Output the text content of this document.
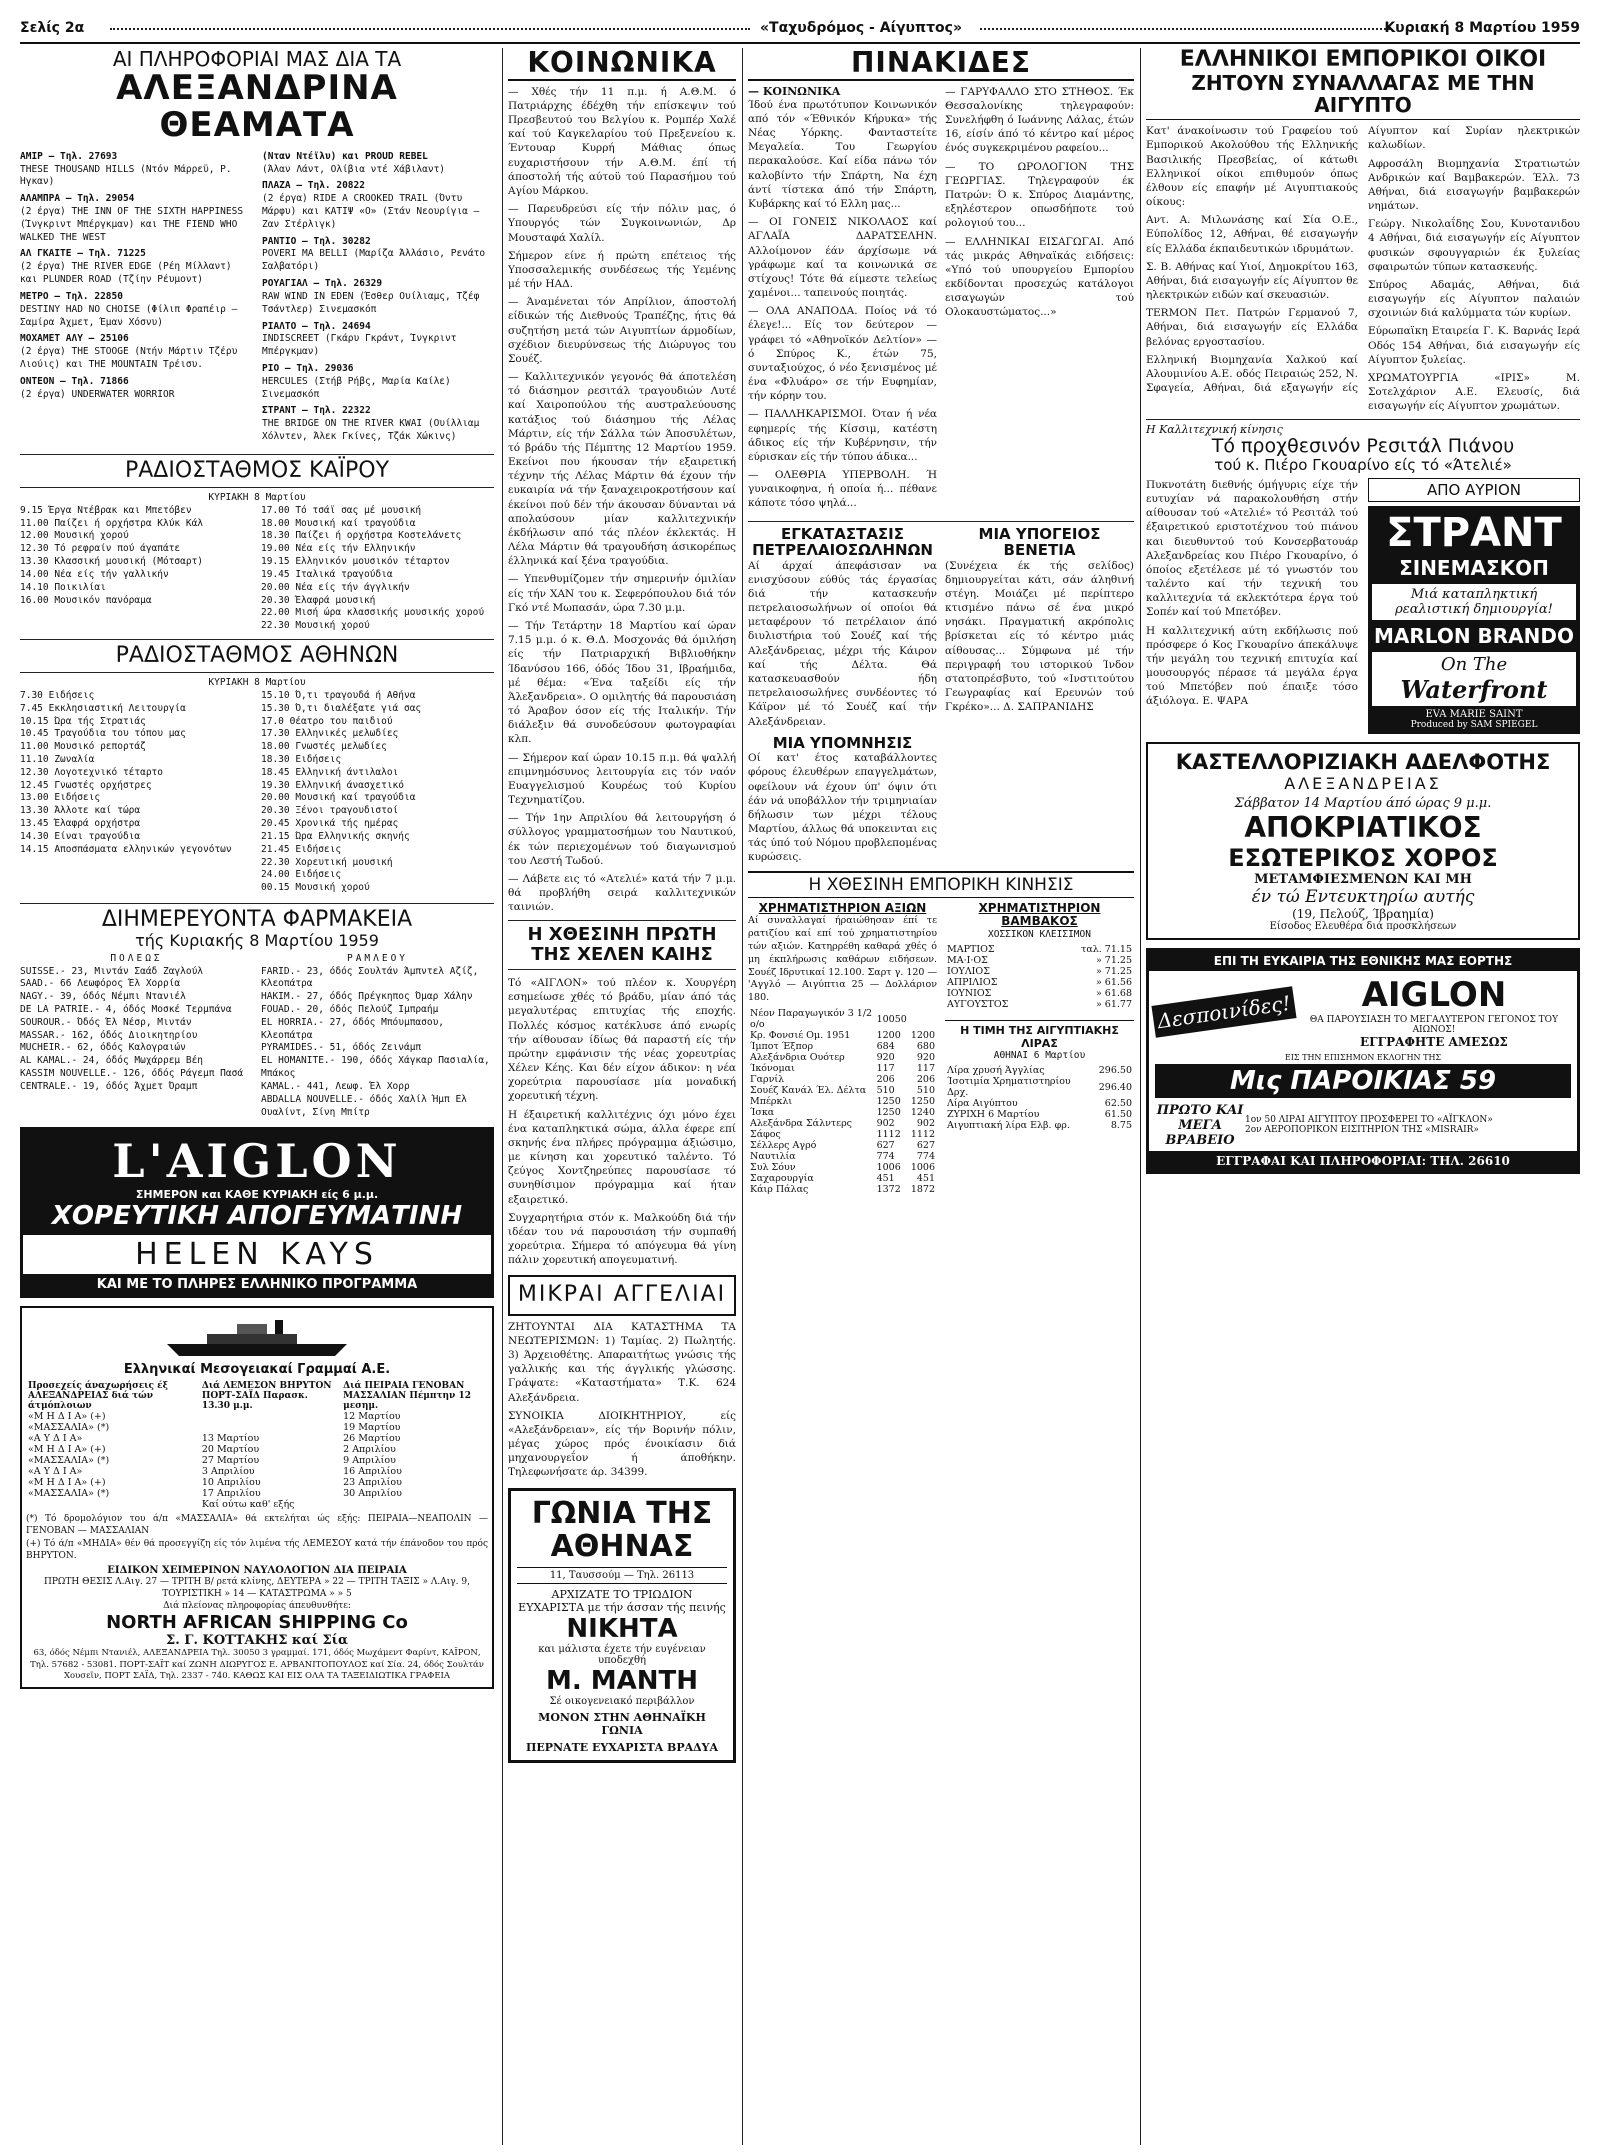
Σελίς 2α	«Ταχυδρόμος - Αίγυπτος»	Κυριακή 8 Μαρτίου 1959
ΑΙ ΠΛΗΡΟΦΟΡΙΑΙ ΜΑΣ ΔΙΑ ΤΑ
ΑΛΕΞΑΝΔΡΙΝΑ ΘΕΑΜΑΤΑ
ΑΜΙΡ — Τηλ. 27693
THESE THOUSAND HILLS (Ντόν Μάρρεϋ, Ρ. Ήγκαν)
ΑΛΑΜΠΡΑ — Τηλ. 29054
(2 έργα) THE INN OF THE SIXTH HAPPINESS (Ίνγκριντ Μπέργκμαν) και THE FIEND WHO WALKED THE WEST
ΑΛ ΓΚΑΙΤΕ — Τηλ. 71225
(2 έργα) THE RIVER EDGE (Ρέη Μίλλαντ) και PLUNDER ROAD (Τζίην Ρέυμοντ)
ΜΕΤΡΟ — Τηλ. 22850
DESTINY HAD NO CHOISE (Φίλιπ Φραπέιρ — Σαμίρα Άχμετ, Έμαν Χόσνυ)
ΜΟΧΑΜΕΤ ΑΛΥ — 25106
(2 έργα) THE STOOGE (Ντήν Μάρτιν Τζέρυ Λιούις) και THE MOUNTAIN Τρέισυ.
ΟΝΤΕΟΝ — Τηλ. 71866
(2 έργα) UNDERWATER WORRIOR
(Νταν Ντέϊλυ) και PROUD REBEL
(Άλαν Λάντ, Ολίβια ντέ Χάβιλαντ)
ΠΛΑΖΑ — Τηλ. 20822
(2 έργα) RIDE A CROOKED TRAIL (Όντυ Μάρφυ) και ΚΑΤΙΨ «Ο» (Στάν Νεουρίγια — Ζαν Στέρλιγκ)
ΡΑΝΤΙΟ — Τηλ. 30282
POVERI MA BELLI (Μαρίζα Άλλάσιο, Ρενάτο Σαλβατόρι)
ΡΟΥΑΓΙΑΛ — Τηλ. 26329
RAW WIND IN EDEN (Έσθερ Ουίλιαμς, Τζέφ Τσάντλερ) Σινεμασκόπ
ΡΙΑΛΤΟ — Τηλ. 24694
INDISCREET (Γκάρυ Γκράντ, Ίνγκριντ Μπέργκμαν)
ΡΙΟ — Τηλ. 29036
HERCULES (Στήβ Ρήβς, Μαρία Καίλε) Σινεμασκόπ
ΣΤΡΑΝΤ — Τηλ. 22322
THE BRIDGE ON THE RIVER KWAI (Ουίλλιαμ Χόλντεν, Άλεκ Γκίνες, Τζάκ Χώκινς)
ΡΑΔΙΟΣΤΑΘΜΟΣ ΚΑΪΡΟΥ
ΚΥΡΙΑΚΗ 8 Μαρτίου
9.15 Έργα Ντέβρακ και Μπετόβεν
11.00 Παίζει ή ορχήστρα Κλύκ Κάλ
12.00 Μουσική χορού
12.30 Τό ρεφραίν πού άγαπάτε
13.30 Κλασσική μουσική (Μότσαρτ)
14.00 Νέα είς τήν γαλλικήν
14.10 Ποικιλίαι
16.00 Μουσικόν πανόραμα
17.00 Tό τσάϊ σας μέ μουσική
18.00 Μουσική καί τραγούδια
18.30 Παίζει ή ορχήστρα Κοστελάνετς
19.00 Νέα είς τήν Ελληνικήν
19.15 Ελληνικόν μουσικόν τέταρτον
19.45 Ιταλικά τραγούδια
20.00 Νέα είς τήν άγγλικήν
20.30 Έλαφρά μουσική
22.00 Μισή ώρα κλασσικής μουσικής χορού
22.30 Μουσική χορού
ΡΑΔΙΟΣΤΑΘΜΟΣ ΑΘΗΝΩΝ
ΚΥΡΙΑΚΗ 8 Μαρτίου
7.30 Ειδήσεις
7.45 Εκκλησιαστική Λειτουργία
10.15 Ώρα τής Στρατιάς
10.45 Τραγούδια του τόπου μας
11.00 Μουσικό ρεπορτάζ
11.10 Ζωναλία
12.30 Λογοτεχνικό τέταρτο
12.45 Γνωστές ορχήστρες
13.00 Ειδήσεις
13.30 Άλλοτε καί τώρα
13.45 Έλαφρά ορχήστρα
14.30 Είναι τραγούδια
14.15 Αποσπάσματα ελληνικών γεγονότων
15.10 Ό,τι τραγουδά ή Αθήνα
15.30 Ό,τι διαλέξατε γιά σας
17.0 Θέατρο του παιδιού
17.30 Ελληνικές μελωδίες
18.00 Γνωστές μελωδίες
18.30 Ειδήσεις
18.45 Ελληνική άντιλαλοι
19.30 Ελληνική άνασχετικό
20.00 Μουσική καί τραγούδια
20.30 Ξένοι τραγουδιστοί
20.45 Χρονικά τής ημέρας
21.15 Ώρα Ελληνικής σκηνής
21.45 Ειδήσεις
22.30 Χορευτική μουσική
24.00 Ειδήσεις
00.15 Μουσική χορού
ΔΙΗΜΕΡΕΥΟΝΤΑ ΦΑΡΜΑΚΕΙΑ
τής Κυριακής 8 Μαρτίου 1959
ΠΟΛΕΩΣ
SUISSE.- 23, Μιντάν Σαάδ Ζαγλούλ
SAAD.- 66 Λεωφόρος Έλ Χορρία
NAGY.- 39, όδός Νέμπι Ντανιέλ
DE LA PATRIE.- 4, όδός Μοσκέ Τερμπάνα
SOUROUR.- Όδός Έλ Νέσρ, Μιντάν
MASSAR.- 162, όδός Διοικητηρίου
MUCHEIR.- 62, όδός Καλογραιών
AL KAMAL.- 24, όδός Μωχάρρεμ Βέη
KASSIM NOUVELLE.- 126, όδός Ράγεμπ Πασά
CENTRALE.- 19, όδός Άχμετ Όραμπ
ΡΑΜΛΕΟΥ
FARID.- 23, όδός Σουλτάν Άμπντελ Αζίζ, Κλεοπάτρα
HAKIM.- 27, όδός Πρέγκηπος Όμαρ Χάλην
FOUAD.- 20, όδός Πελούζ Ιμπραήμ
EL HORRIA.- 27, όδός Μπόυμπασου, Κλεοπάτρα
PYRAMIDES.- 51, όδός Ζεινάμπ
EL HOMANITE.- 190, όδός Χάγκαρ Πασιαλία, Μπάκος
KAMAL.- 441, Λεωφ. Έλ Χορρ
ABDALLA NOUVELLE.- όδός Χαλίλ Ήμπ Ελ Ουαλίντ, Σίνη Μπίτρ
L'AIGLON
ΣΗΜΕΡΟΝ και ΚΑΘΕ ΚΥΡΙΑΚΗ είς 6 μ.μ.
ΧΟΡΕΥΤΙΚΗ ΑΠΟΓΕΥΜΑΤΙΝΗ
HELEN KAYS
ΚΑΙ ΜΕ ΤΟ ΠΛΗΡΕΣ ΕΛΛΗΝΙΚΟ ΠΡΟΓΡΑΜΜΑ
Ελληνικαί Μεσογειακαί Γραμμαί Α.Ε.
Προσεχείς άναχωρήσεις έξ ΑΛΕΞΑΝΔΡΕΙΑΣ διά τών άτμόπλοιων	Διά ΛΕΜΕΣΟΝ ΒΗΡΥΤΟΝ ΠΟΡΤ-ΣΑΪΔ Παρασκ. 13.30 μ.μ.	Διά ΠΕΙΡΑΙΑ ΓΕΝΟΒΑΝ ΜΑΣΣΑΛΙΑΝ Πέμπτην 12 μεσημ.
«Μ Η Δ Ι Α» (+)		12 Μαρτίου
«ΜΑΣΣΑΛΙΑ» (*)		19 Μαρτίου
«Α Υ Δ Ι Α»	13 Μαρτίου	26 Μαρτίου
«Μ Η Δ Ι Α» (+)	20 Μαρτίου	2 Απριλίου
«ΜΑΣΣΑΛΙΑ» (*)	27 Μαρτίου	9 Απριλίου
«Α Υ Δ Ι Α»	3 Απριλίου	16 Απριλίου
«Μ Η Δ Ι Α» (+)	10 Απριλίου	23 Απριλίου
«ΜΑΣΣΑΛΙΑ» (*)	17 Απριλίου	30 Απριλίου
	Καί ούτω καθ' εξής	

(*) Τό δρομολόγιον του ά/π «ΜΑΣΣΑΛΙΑ» θά εκτελήται ώς εξής: ΠΕΙΡΑΙΑ—ΝΕΑΠΟΛΙΝ — ΓΕΝΟΒΑΝ — ΜΑΣΣΑΛΙΑΝ

(+) Τό ά/π «ΜΗΔΙΑ» θέν θά προσεγγίζη είς τόν λιμένα τής ΛΕΜΕΣΟΥ κατά τήν έπάνοδον του πρός ΒΗΡΥΤΟΝ.

ΕΙΔΙΚΟΝ ΧΕΙΜΕΡΙΝΟΝ ΝΑΥΛΟΛΟΓΙΟΝ ΔΙΑ ΠΕΙΡΑΙΑ

ΠΡΩΤΗ ΘΕΣΙΣ Λ.Αιγ. 27 — ΤΡΙΤΗ Β/ ρετά κλίνης, ΔΕΥΤΕΡΑ » 22 — ΤΡΙΤΗ ΤΑΞΙΣ » Λ.Αιγ. 9, ΤΟΥΡΙΣΤΙΚΗ » 14 — ΚΑΤΑΣΤΡΩΜΑ » » 5

Διά πλείονας πληροφορίας άπευθυνθήτε:

NORTH AFRICAN SHIPPING Co
Σ. Γ. ΚΟΤΤΑΚΗΣ καί Σία

63, όδός Νέμπι Ντανιέλ, ΑΛΕΞΑΝΔΡΕΙΑ Τηλ. 30050 3 γραμμαί. 171, όδός Μωχάμεντ Φαρίντ, ΚΑΪΡΟΝ, Τηλ. 57682 - 53081. ΠΟΡΤ-ΣΑΪΤ καί ΖΩΝΗ ΔΙΩΡΥΓΟΣ Ε. ΑΡΒΑΝΙΤΟΠΟΥΛΟΣ καί Σία. 24, όδός Σουλτάν Χουσεϊν, ΠΟΡΤ ΣΑΪΔ, Τηλ. 2337 - 740. ΚΑΘΩΣ ΚΑΙ ΕΙΣ ΟΛΑ ΤΑ ΤΑΞΕΙΔΙΩΤΙΚΑ ΓΡΑΦΕΙΑ

ΚΟΙΝΩΝΙΚΑ

— Χθές τήν 11 π.μ. ή Α.Θ.Μ. ό Πατριάρχης έδέχθη τήν επίσκεψιν τού Πρεσβευτού του Βελγίου κ. Ρομπέρ Χαλέ καί τού Καγκελαρίου τού Πρεξενείου κ. Έντουαρ Κυρρή Μάθιας όπως ευχαριστήσουν τήν Α.Θ.Μ. έπί τή άποστολή τής αύτοϋ τού Παρασήμου τού Αγίου Μάρκου.

— Παρευδρεύσι είς τήν πόλιν μας, ό Υπουργός τών Συγκοινωνιών, Δρ Μουσταφά Χαλίλ.

Σήμερον είνε ή πρώτη επέτειος τής Υποσσαλεμικής συνδέσεως τής Υεμένης μέ τήν ΗΑΔ.

— Άναμένεται τόν Απρίλιον, άποστολή είδικών τής Διεθνούς Τραπέζης, ήτις θά συζητήση μετά τών Αιγυπτίων άρμοδίων, σχέδιον διευρύνσεως τής Διώρυγος του Σουέζ.

— Καλλιτεχνικόν γεγονός θά άποτελέση τό διάσημον ρεσιτάλ τραγουδιών Λυτέ καί Χαιροπούλου τής αυστραλεύουσης κατάξιος τού διάσημου τής Λέλας Μάρτιν, είς τήν Σάλλα τών Άποσυλέτων, τό βράδυ τής Πέμπτης 12 Μαρτίου 1959. Εκείνοι που ήκουσαν τήν εξαιρετική τέχνην τής Λέλας Μάρτιν θά έχουν τήν ευκαιρία νά τήν ξαναχειροκροτήσουν καί έκείνοι πού δέν τήν άκουσαν δύνανται νά απολαύσουν μίαν καλλιτεχνικήν έκδήλωσιν από τάς πλέον έκλεκτάς. Η Λέλα Μάρτιν θά τραγουδήση άσικορέπως έλληνικά καί ξένα τραγούδια.

— Υπενθυμίζομεν τήν σημερινήν όμιλίαν είς τήν ΧΑΝ του κ. Σεφερόπουλου διά τόν Γκό ντέ Μωπασάν, ώρα 7.30 μ.μ.

— Τήν Τετάρτην 18 Μαρτίου καί ώραν 7.15 μ.μ. ό κ. Θ.Δ. Μοσχονάς θά όμιλήση είς τήν Πατριαρχική Βιβλιοθήκην Ίδανύσου 166, όδός Ίδου 31, Ιβραήμιδα, μέ θέμα: «Ένα ταξείδι είς τήν Άλεξανδρεια». Ο ομιλητής θά παρουσιάση τό Άραβον όσον είς τής Ιταλικήν. Τήν διάλεξιν θά συνοδεύσουν φωτογραφίαι κλπ.

— Σήμερον καί ώραν 10.15 π.μ. θά ψαλλή επιμνημόσυνος λειτουργία εις τόν ναόν Ευαγγελισμού Κουρέως τού Κυρίου Τεχνηματίζου.

— Τήν 1ην Απριλίου θά λειτουργήση ό σύλλογος γραμματοσήμων του Ναυτικού, έκ τών περιεχομένων τού διαγωνισμού του Λεστή Τωδού.

— Λάβετε εις τό «Ατελιέ» κατά τήν 7 μ.μ. θά προβλήθη σειρά καλλιτεχνικών ταινιών.

Η ΧΘΕΣΙΝΗ ΠΡΩΤΗ
ΤΗΣ ΧΕΛΕΝ ΚΑΙΗΣ

Τό «ΑΙΓΛΟΝ» τού πλέον κ. Χουργέρη εσημείωσε χθές τό βράδυ, μίαν άπό τάς μεγαλυτέρας επιτυχίας τής εποχής. Πολλές κόσμος κατέκλυσε άπό ενωρίς τήν αίθουσαν ίδίως θά παραστή είς τήν πρώτην εμφάνισιν τής νέας χορευτρίας Χέλεν Κέης. Και δέν είχον άδικον: η νέα χορεύτρια παρουσίασε μία μοναδική χορευτική τέχνη.

Η έξαιρετική καλλιτέχνις όχι μόνο έχει ένα καταπληκτικά σώμα, άλλα έφερε επί σκηνής ένα πλήρες πρόγραμμα άξιώσιμο, με κίνηση και χορευτικό ταλέντο. Τό ζεύγος Χοντζηρεύπες παρουσίασε τό συνηθίσιμον πρόγραμμα καί ήταν εξαιρετικό.

Συγχαρητήρια στόν κ. Μαλκούδη διά τήν ιδέαν του νά παρουσιάση τήν συμπαθή χορεύτρια. Σήμερα τό απόγευμα θά γίνη πάλιν χορευτική απογευματινή.

ΜΙΚΡΑΙ ΑΓΓΕΛΙΑΙ

ΖΗΤΟΥΝΤΑΙ ΔΙΑ ΚΑΤΑΣΤΗΜΑ ΤΑ ΝΕΩΤΕΡΙΣΜΩΝ: 1) Ταμίας. 2) Πωλητής. 3) Άρχειοθέτης. Απαραιτήτως γνώσις τής γαλλικής και τής άγγλικής γλώσσης. Γράψατε: «Καταστήματα» Τ.Κ. 624 Αλεξάνδρεια.

ΣΥΝΟΙΚΙΑ ΔΙΟΙΚΗΤΗΡΙΟΥ, είς «Αλεξάνδρειαν», είς τήν Βορινήν πόλιν, μέγας χώρος πρός ένοικίασιν διά μηχανουργεΐον ή άποθήκην. Τηλεφωνήσατε άρ. 34399.

ΓΩΝΙΑ ΤΗΣ ΑΘΗΝΑΣ
11, Ταυσσούμ — Τηλ. 26113
ΑΡΧΙΖΑΤΕ ΤΟ ΤΡΙΩΔΙΟΝ ΕΥΧΑΡΙΣΤΑ με τήν άσσαν τής πεινής
ΝΙΚΗΤΑ
και μάλιστα έχετε τήν ευγένειαν υποδεχθή
Μ. ΜΑΝΤΗ
Σέ οικογενειακό περιβάλλον
ΜΟΝΟΝ ΣΤΗΝ ΑΘΗΝΑΪΚΗ ΓΩΝΙΑ
ΠΕΡΝΑΤΕ ΕΥΧΑΡΙΣΤΑ ΒΡΑΔΥΑ
ΠΙΝΑΚΙΔΕΣ
— ΚΟΙΝΩΝΙΚΑ

Ίδού ένα πρωτότυπον Κοινωνικόν από τόν «Έθνικόν Κήρυκα» τής Νέας Υόρκης. Φανταστείτε Μεγαλεία. Του Γεωργίου περακαλούσε. Καί είδα πάνω τόν καλοβίντο τήν Σπάρτη, Να έχη άντί τίστεκα άπό τήν Σπάρτη, Κυβάρκης καί τό Ελλη μας...

— ΟΙ ΓΟΝΕΙΣ ΝΙΚΟΛΑΟΣ καί ΑΓΛΑΪΑ ΔΑΡΑΤΣΕΛΗΝ. Αλλοίμονον έάν άρχίσωμε νά γράφωμε καί τα κοινωνικά σε στίχους! Τότε θά είμεστε τελείως χαμένοι... ταπεινούς ποιητάς.

— ΟΛΑ ΑΝΑΠΟΔΑ. Ποίος νά τό έλεγε!... Είς τον δεύτερον — γράφει τό «Αθηνοϊκόν Δελτίον» — ό Σπύρος Κ., έτών 75, συνταξιούχος, ό νέο ξενισμένος μέ ένα «Φλυάρο» σε τήν Ευφημίαν, τήν κόρην του.

— ΠΑΛΛΗΚΑΡΙΣΜΟΙ. Όταν ή νέα εφημερίς τής Κίσσιμ, κατέστη άδικος είς τήν Κυβέρνησιν, τήν εύρισκαν είς τήν τύπου άδικα...

— ΟΛΕΘΡΙΑ ΥΠΕΡΒΟΛΗ. Ή γυναικοφηνα, ή οποία ή... πέθανε κάποτε τόσο ψηλά...

— ΓΑΡΥΦΑΛΛΟ ΣΤΟ ΣΤΗΘΟΣ. Έκ Θεσσαλονίκης τηλεγραφούν: Συνελήφθη ό Ιωάννης Λάλας, έτών 16, είσίν άπό τό κέντρο καί μέρος ένός συγκεκριμένου ραφείου...

— ΤΟ ΩΡΟΛΟΓΙΟΝ ΤΗΣ ΓΕΩΡΓΙΑΣ. Τηλεγραφούν έκ Πατρών: Ό κ. Σπύρος Διαμάντης, εξηλέστερον οπωσδήποτε τού ρολογιού του...

— ΕΛΛΗΝΙΚΑΙ ΕΙΣΑΓΩΓΑΙ. Από τάς μικράς Αθηναϊκάς ειδήσεις: «Υπό τού υπουργείου Εμπορίου εκδίδονται προσεχώς κατάλογοι εισαγωγών τού Ολοκαυστώματος...»

ΕΓΚΑΤΑΣΤΑΣΙΣ
ΠΕΤΡΕΛΑΙΟΣΩΛΗΝΩΝ

Αί άρχαί άπεφάσισαν να ενισχύσουν εύθύς τάς έργασίας διά τήν κατασκευήν πετρελαιοσωλήνων οί οποίοι θά μεταφέρουν τό πετρέλαιον άπό διυλιστήρια τού Σουέζ καί τής Αλεξάνδρειας, μέχρι τής Κάιρον καί τής Δέλτα. Θά κατασκευασθούν ήδη πετρελαιοσωλήνες συνδέοντες τό Κάϊρον μέ τό Σουέζ καί τήν Αλεξάνδρειαν.

ΜΙΑ ΥΠΟΜΝΗΣΙΣ

Οί κατ' έτος καταβάλλοντες φόρους έλευθέρων επαγγελμάτων, οφείλουν νά έχουν ύπ' όψιν ότι έάν νά υποβάλλον τήν τριμηνιαίαν δήλωσιν των μέχρι τέλους Μαρτίου, άλλως θά υποκεινται εις τάς ύπό τού Νόμου προβλεπομένας κυρώσεις.

ΜΙΑ ΥΠΟΓΕΙΟΣ ΒΕΝΕΤΙΑ

(Συνέχεια έκ τής σελίδος) δημιουργείται κάτι, σάν άληθινή στέγη. Μοιάζει μέ περίπτερο κτισμένο πάνω σέ ένα μικρό νησάκι. Πραγματική ακρόπολις βρίσκεται είς τό κέντρο μιάς αίθουσας... Σύμφωνα μέ τήν περιγραφή του ιστορικού Ίνδον στατοπρέσβυτο, τού «Ινστιτούτου Γεωγραφίας καί Ερευνών τού Γκρέκο»... Δ. ΣΑΠΡΑΝΙΔΗΣ

Η ΧΘΕΣΙΝΗ ΕΜΠΟΡΙΚΗ ΚΙΝΗΣΙΣ
ΧΡΗΜΑΤΙΣΤΗΡΙΟΝ ΑΞΙΩΝ

Αί συναλλαγαί ήραιώθησαν έπί τε ρατιζίου καί επί τού χρηματιστηρίου τών αξιών. Κατηρρέθη καθαρά χθές ό μη έκπλήρωσις καθάρων ειδήσεων. Σουέζ Ιδρυτικαί 12.100. Σαρτ γ. 120 — 'Αγγλό — Αιγύπτια 25 — Δολλάριον 180.

Νέον Παραγωγικόν 3 1/2 ο/ο	10050	
Κρ. Φονσιέ Ομ. 1951	1200	1200
Ίμποτ Έξπορ	684	680
Αλεξάνδρια Ουότερ	920	920
Ίκόνομαι	117	117
Γαρνίλ	206	206
Σουέζ Κανάλ Έλ. Δέλτα	510	510
Μπέρκλι	1250	1250
Ίσκα	1250	1240
Αλεξάνδρα Σάλντερς	902	902
Σάφος	1112	1112
Σέλλερς Αγρό	627	627
Ναυτιλία	774	774
Συλ Σόυν	1006	1006
Σαχαρουργία	451	451
Κάιρ Πάλας	1372	1872
ΧΡΗΜΑΤΙΣΤΗΡΙΟΝ ΒΑΜΒΑΚΟΣ
ΧΟΣΣΙΚΟΝ ΚΛΕΙΣΙΜΟΝ
ΜΑΡΤΙΟΣ	ταλ. 71.15
ΜΑ·Ι·ΟΣ	» 71.25
ΙΟΥΛΙΟΣ	» 71.25
ΑΠΡΙΛΙΟΣ	» 61.56
ΙΟΥΝΙΟΣ	» 61.68
ΑΥΓΟΥΣΤΟΣ	» 61.77
Η ΤΙΜΗ ΤΗΣ ΑΙΓΥΠΤΙΑΚΗΣ ΛΙΡΑΣ
ΑΘΗΝΑΙ 6 Μαρτίου
Λίρα χρυσή Άγγλίας	296.50
Ίσοτιμία Χρηματιστηρίου Δρχ.	296.40
Λίρα Αιγύπτου	62.50
ΖΥΡΙΧΗ 6 Μαρτίου	61.50
Αιγυπτιακή λίρα Ελβ. φρ.	8.75
ΕΛΛΗΝΙΚΟΙ ΕΜΠΟΡΙΚΟΙ ΟΙΚΟΙ
ΖΗΤΟΥΝ ΣΥΝΑΛΛΑΓΑΣ ΜΕ ΤΗΝ ΑΙΓΥΠΤΟ

Κατ' άνακοίνωσιν τού Γραφείου τού Εμπορικού Ακολούθου τής Ελληνικής Βασιλικής Πρεσβείας, οί κάτωθι Ελληνικοί οίκοι επιθυμούν όπως έλθουν είς επαφήν μέ Αιγυπτιακούς οίκους:

Αντ. Α. Μιλωνάσης καί Σία Ο.Ε., Εύπολίδος 12, Αθήναι, θέ εισαγωγήν είς Ελλάδα έκπαιδευτικών ιδρυμάτων.

Σ. Β. Αθήνας καί Υιοί, Δημοκρίτου 163, Αθήναι, διά εισαγωγήν είς Αίγυπτον θε ηλεκτρικών ειδών καί σκευασιών.

TERMON Πετ. Πατρών Γερμανού 7, Αθήναι, διά εισαγωγήν είς Ελλάδα βελόνας εργοστασίου.

Ελληνική Βιομηχανία Χαλκού καί Αλουμινίου Α.Ε. οδός Πειραιώς 252, Ν. Σφαγεία, Αθήναι, διά εξαγωγήν είς Αίγυπτον καί Συρίαν ηλεκτρικών καλωδίων.

Αφροσάλη Βιομηχανία Στρατιωτών Ανδρικών καί Βαμβακερών. Έλλ. 73 Αθήναι, διά εισαγωγήν βαμβακερών νημάτων.

Γεώργ. Νικολαΐδης Σου, Κυνοτανιδου 4 Αθήναι, διά εισαγωγήν είς Αίγυπτον φυσικών σφουγγαριών έκ ξυλείας σφαιρωτών τύπων κατασκευής.

Σπύρος Αδαμάς, Αθήναι, διά εισαγωγήν είς Αίγυπτον παλαιών σχοινιών διά καλύμματα τών κυρίων.

Εύρωπαϊκη Εταιρεία Γ. Κ. Βαρνάς Ιερά Οδός 154 Αθήναι, διά εισαγωγήν είς Αίγυπτον ξυλείας.

ΧΡΩΜΑΤΟΥΡΓΙΑ «ΙΡΙΣ» Μ. Σοτελχάριον Α.Ε. Ελευσίς, διά εισαγωγήν είς Αίγυπτον χρωμάτων.

Η Καλλιτεχνική κίνησις
Τό προχθεσινόν Ρεσιτάλ Πιάνου
τού κ. Πιέρο Γκουαρίνο είς τό «Άτελιέ»

Πυκνοτάτη διεθνής όμήγυρις είχε τήν ευτυχίαν νά παρακολουθήση στήν αίθουσαν τού «Ατελιέ» τό Ρεσιτάλ τού έξαιρετικού εριστοτέχνου τού πιάνου και διευθυντού τού Κονσερβατουάρ Αλεξανδρείας κου Πιέρο Γκουαρίνο, ό όποίος εξετέλεσε μέ τό γνωστόν του ταλέντο καί τήν τεχνική του καλλιτεχνία τά εκλεκτότερα έργα τού Σοπέν καί τού Μπετόβεν.

Η καλλιτεχνική αύτη εκδήλωσις πού πρόσφερε ό Κος Γκουαρίνο άπεκάλυψε τήν μεγάλη του τεχνική επιτυχία καί μουσουργός πέρασε τά μεγάλα έργα τού Μπετόβεν πού έπαιξε τόσο άξιόλογα. Ε. ΨΑΡΑ

ΑΠΟ ΑΥΡΙΟΝ
ΣΤΡΑΝΤ
ΣΙΝΕΜΑΣΚΟΠ
Μιά καταπληκτική ρεαλιστική δημιουργία!
MARLON BRANDO
On The
Waterfront
EVA MARIE SAINT
Produced by SAM SPIEGEL
ΚΑΣΤΕΛΛΟΡΙΖΙΑΚΗ ΑΔΕΛΦΟΤΗΣ
ΑΛΕΞΑΝΔΡΕΙΑΣ
Σάββατον 14 Μαρτίου άπό ώρας 9 μ.μ.
ΑΠΟΚΡΙΑΤΙΚΟΣ
ΕΣΩΤΕΡΙΚΟΣ ΧΟΡΟΣ
ΜΕΤΑΜΦΙΕΣΜΕΝΩΝ ΚΑΙ ΜΗ
έν τώ Εντευκτηρίω αυτής
(19, Πελούζ, Ίβραημία)
Είσοδος Ελευθέρα διά προσκλήσεων
ΕΠΙ ΤΗ ΕΥΚΑΙΡΙΑ ΤΗΣ ΕΘΝΙΚΗΣ ΜΑΣ ΕΟΡΤΗΣ
Δεσποινίδες!	AIGLON
ΘΑ ΠΑΡΟΥΣΙΑΣΗ ΤΟ ΜΕΓΑΛΥΤΕΡΟΝ ΓΕΓΟΝΟΣ ΤΟΥ ΑΙΩΝΟΣ!
ΕΓΓΡΑΦΗΤΕ ΑΜΕΣΩΣ
ΕΙΣ ΤΗΝ ΕΠΙΣΗΜΟΝ ΕΚΛΟΓΗΝ ΤΗΣ
Μις ΠΑΡΟΙΚΙΑΣ 59
ΠΡΩΤΟ ΚΑΙ ΜΕΓΑ ΒΡΑΒΕΙΟ
1ον 50 ΛΙΡΑΙ ΑΙΓΥΠΤΟΥ ΠΡΟΣΦΕΡΕΙ ΤΟ «ΑΪΓΚΛΟΝ»
2ον ΑΕΡΟΠΟΡΙΚΟΝ ΕΙΣΙΤΗΡΙΟΝ ΤΗΣ «MISRAIR»
ΕΓΓΡΑΦΑΙ ΚΑΙ ΠΛΗΡΟΦΟΡΙΑΙ: ΤΗΛ. 26610
